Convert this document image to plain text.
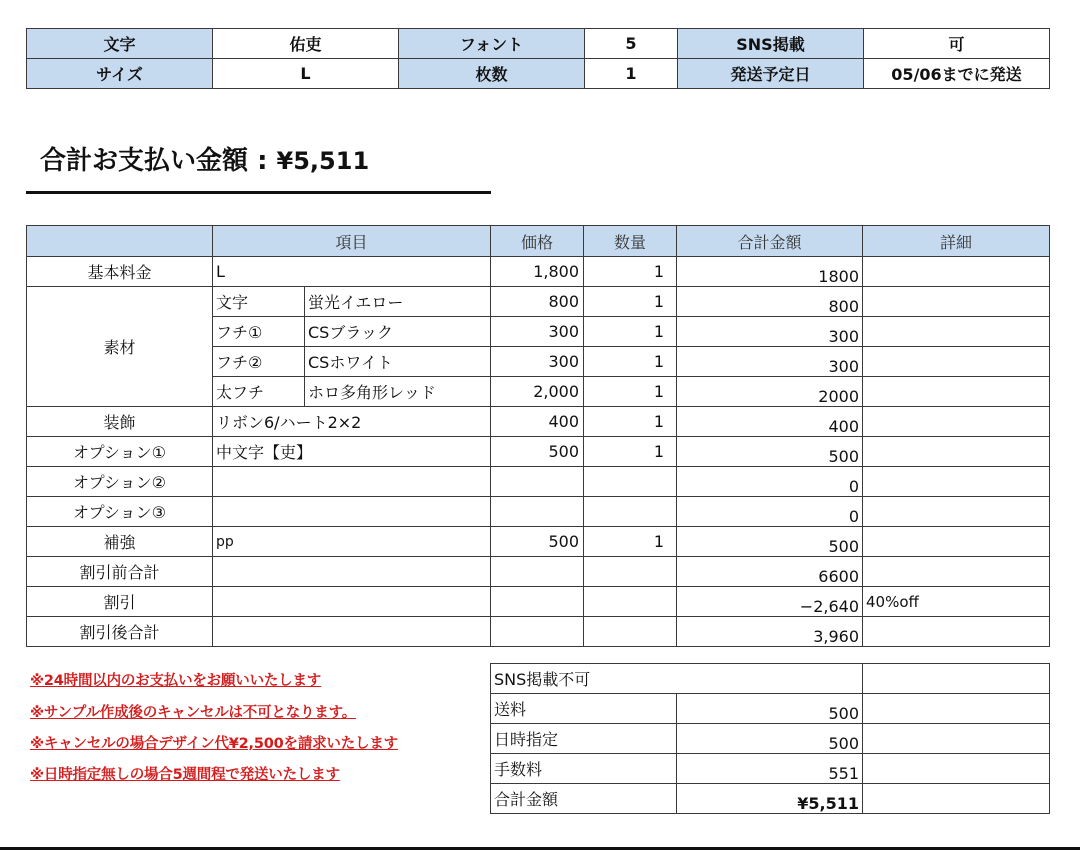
文字	佑吏	フォント	5	SNS掲載	可
サイズ	L	枚数	1	発送予定日	05/06までに発送
合計お支払い金額 : ¥5,511
	項目		価格	数量	合計金額	詳細
基本料金	L		1,800	1	1800	
素材	文字	蛍光イエロー	800	1	800	
	フチ①	CSブラック	300	1	300	
	フチ②	CSホワイト	300	1	300	
	太フチ	ホロ多角形レッド	2,000	1	2000	
装飾	リボン6/ハート2×2		400	1	400	
オプション①	中文字【吏】		500	1	500	
オプション②					0	
オプション③					0	
補強	pp		500	1	500	
割引前合計					6600	
割引					−2,640	40%off
割引後合計					3,960	
SNS掲載不可		
送料	500	
日時指定	500	
手数料	551	
合計金額	¥5,511	
※24時間以内のお支払いをお願いいたします
※サンプル作成後のキャンセルは不可となります。
※キャンセルの場合デザイン代¥2,500を請求いたします
※日時指定無しの場合5週間程で発送いたします
